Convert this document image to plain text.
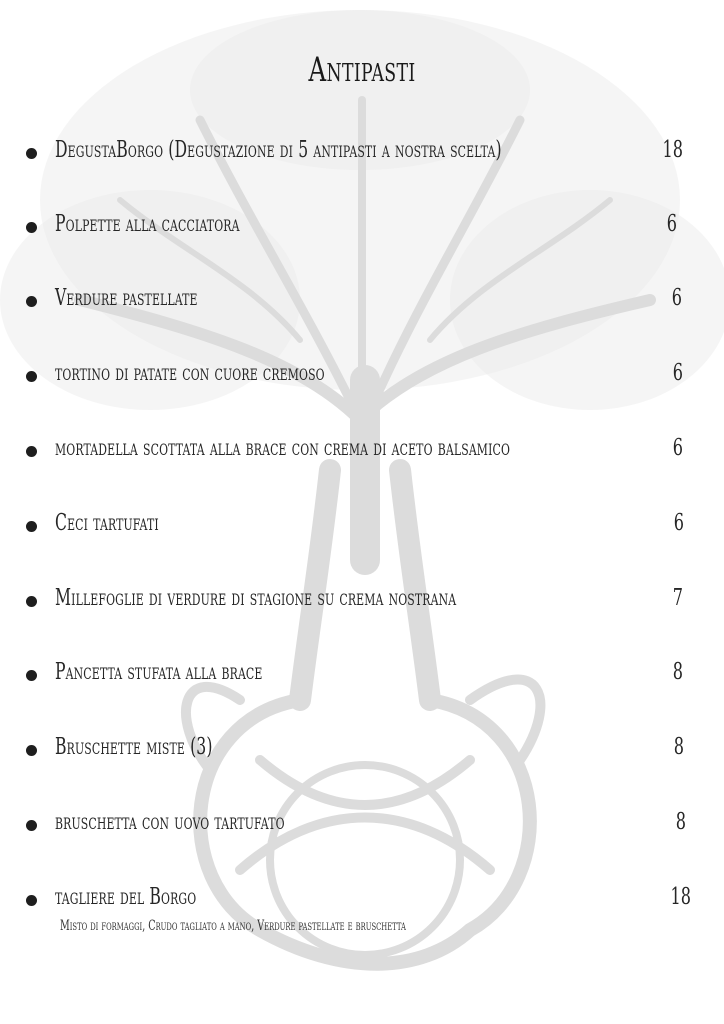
Antipasti
DegustaBorgo (Degustazione di 5 antipasti a nostra scelta)	18
Polpette alla cacciatora	6
Verdure pastellate	6
tortino di patate con cuore cremoso	6
mortadella scottata alla brace con crema di aceto balsamico	6
Ceci tartufati	6
Millefoglie di verdure di stagione su crema nostrana	7
Pancetta stufata alla brace	8
Bruschette miste (3)	8
bruschetta con uovo tartufato	8
tagliere del Borgo	18
Misto di formaggi, Crudo tagliato a mano, Verdure pastellate e bruschetta
